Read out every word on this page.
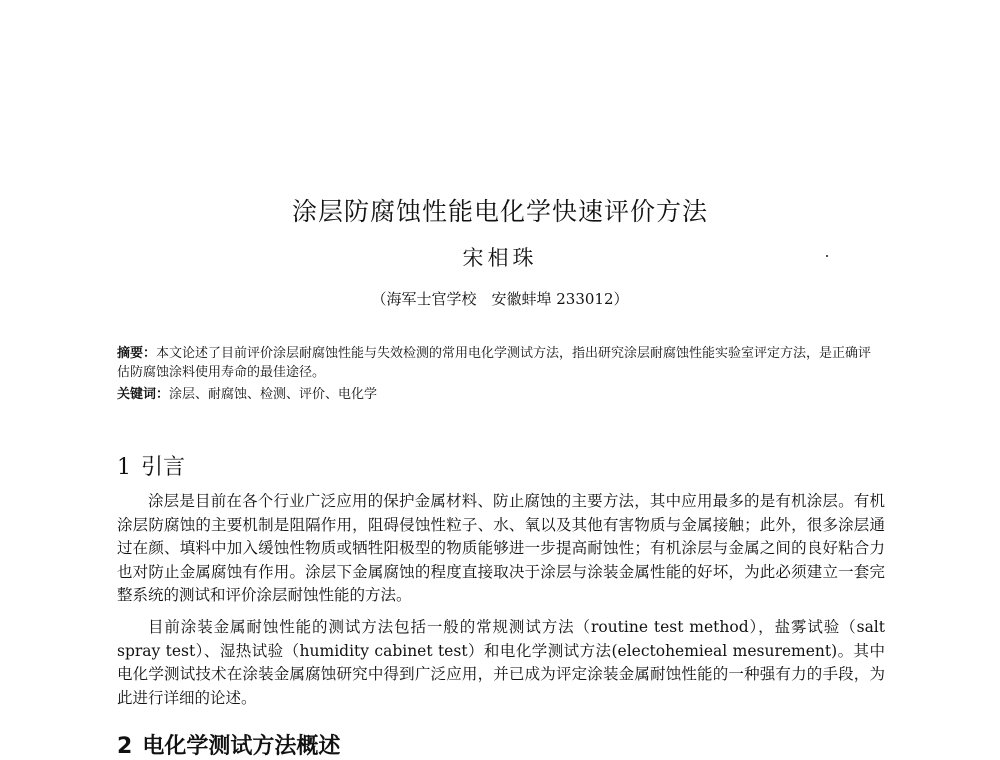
涂层防腐蚀性能电化学快速评价方法
宋相珠
（海军士官学校　安徽蚌埠 233012）
摘要：本文论述了目前评价涂层耐腐蚀性能与失效检测的常用电化学测试方法，指出研究涂层耐腐蚀性能实验室评定方法，是正确评估防腐蚀涂料使用寿命的最佳途径。
关键词：涂层、耐腐蚀、检测、评价、电化学
1 引言
涂层是目前在各个行业广泛应用的保护金属材料、防止腐蚀的主要方法，其中应用最多的是有机涂层。有机涂层防腐蚀的主要机制是阻隔作用，阻碍侵蚀性粒子、水、氧以及其他有害物质与金属接触；此外，很多涂层通过在颜、填料中加入缓蚀性物质或牺牲阳极型的物质能够进一步提高耐蚀性；有机涂层与金属之间的良好粘合力也对防止金属腐蚀有作用。涂层下金属腐蚀的程度直接取决于涂层与涂装金属性能的好坏，为此必须建立一套完整系统的测试和评价涂层耐蚀性能的方法。
目前涂装金属耐蚀性能的测试方法包括一般的常规测试方法（routine test method），盐雾试验（salt spray test）、湿热试验（humidity cabinet test）和电化学测试方法(electohemieal mesurement)。其中电化学测试技术在涂装金属腐蚀研究中得到广泛应用，并已成为评定涂装金属耐蚀性能的一种强有力的手段，为此进行详细的论述。
2 电化学测试方法概述
